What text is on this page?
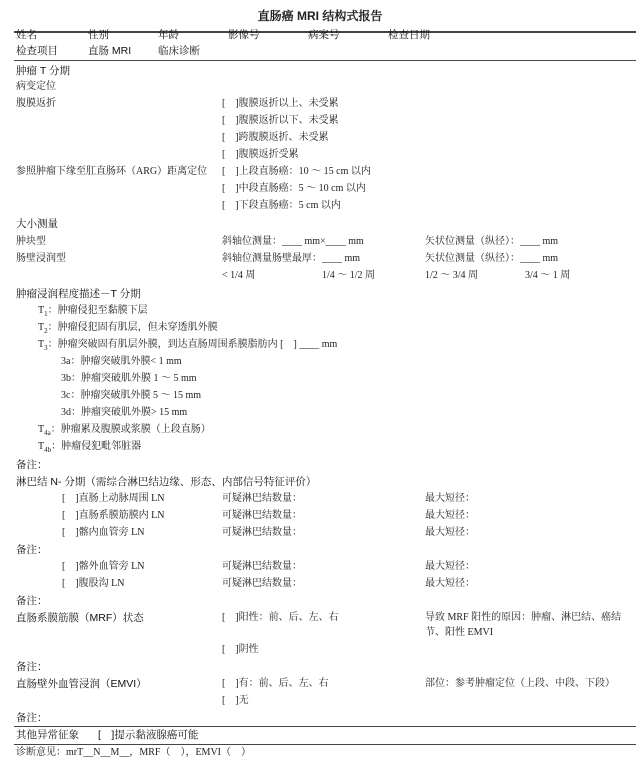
直肠癌 MRI 结构式报告
姓名	性别	年龄	影像号	病案号	检查日期
检查项目	直肠 MRI	临床诊断
肿瘤 T 分期
病变定位
腹膜返折	[　]腹膜返折以上、未受累
[　]腹膜返折以下、未受累
[　]跨腹膜返折、未受累
[　]腹膜返折受累
参照肿瘤下缘至肛直肠环（ARG）距离定位 [　]上段直肠癌：10 ～ 15 cm 以内
[　]中段直肠癌：5 ～ 10 cm 以内
[　]下段直肠癌：5 cm 以内
大小测量
肿块型	斜轴位测量：____ mm×____ mm	矢状位测量（纵径）：____ mm
肠壁浸润型	斜轴位测量肠壁最厚：____ mm	矢状位测量（纵径）：____ mm
< 1/4 周	1/4 ～ 1/2 周	1/2 ～ 3/4 周	3/4 ～ 1 周
肿瘤浸润程度描述－T 分期
$T_1$：肿瘤侵犯至黏膜下层
$T_2$：肿瘤侵犯固有肌层，但未穿透肌外膜
$T_3$：肿瘤突破固有肌层外膜，到达直肠周围系膜脂肪内 [　] ____ mm
3a：肿瘤突破肌外膜< 1 mm
3b：肿瘤突破肌外膜 1 ～ 5 mm
3c：肿瘤突破肌外膜 5 ～ 15 mm
3d：肿瘤突破肌外膜> 15 mm
$T_{4a}$：肿瘤累及腹膜或浆膜（上段直肠）
$T_{4b}$：肿瘤侵犯毗邻脏器
备注：
淋巴结 N- 分期（需综合淋巴结边缘、形态、内部信号特征评价）
[　]直肠上动脉周围 LN	可疑淋巴结数量：	最大短径：
[　]直肠系膜筋膜内 LN	可疑淋巴结数量：	最大短径：
[　]髂内血管旁 LN	可疑淋巴结数量：	最大短径：
备注：
[　]髂外血管旁 LN	可疑淋巴结数量：	最大短径：
[　]腹股沟 LN	可疑淋巴结数量：	最大短径：
备注：
直肠系膜筋膜（MRF）状态	[　]阳性：前、后、左、右	导致 MRF 阳性的原因：肿瘤、淋巴结、癌结
节、阳性 EMVI
[　]阴性
备注：
直肠壁外血管浸润（EMVI）	[　]有：前、后、左、右	部位：参考肿瘤定位（上段、中段、下段）
[　]无
备注：
其他异常征象 [　]提示黏液腺癌可能
诊断意见：mrT__N__M__，MRF（　），EMVI（　）
